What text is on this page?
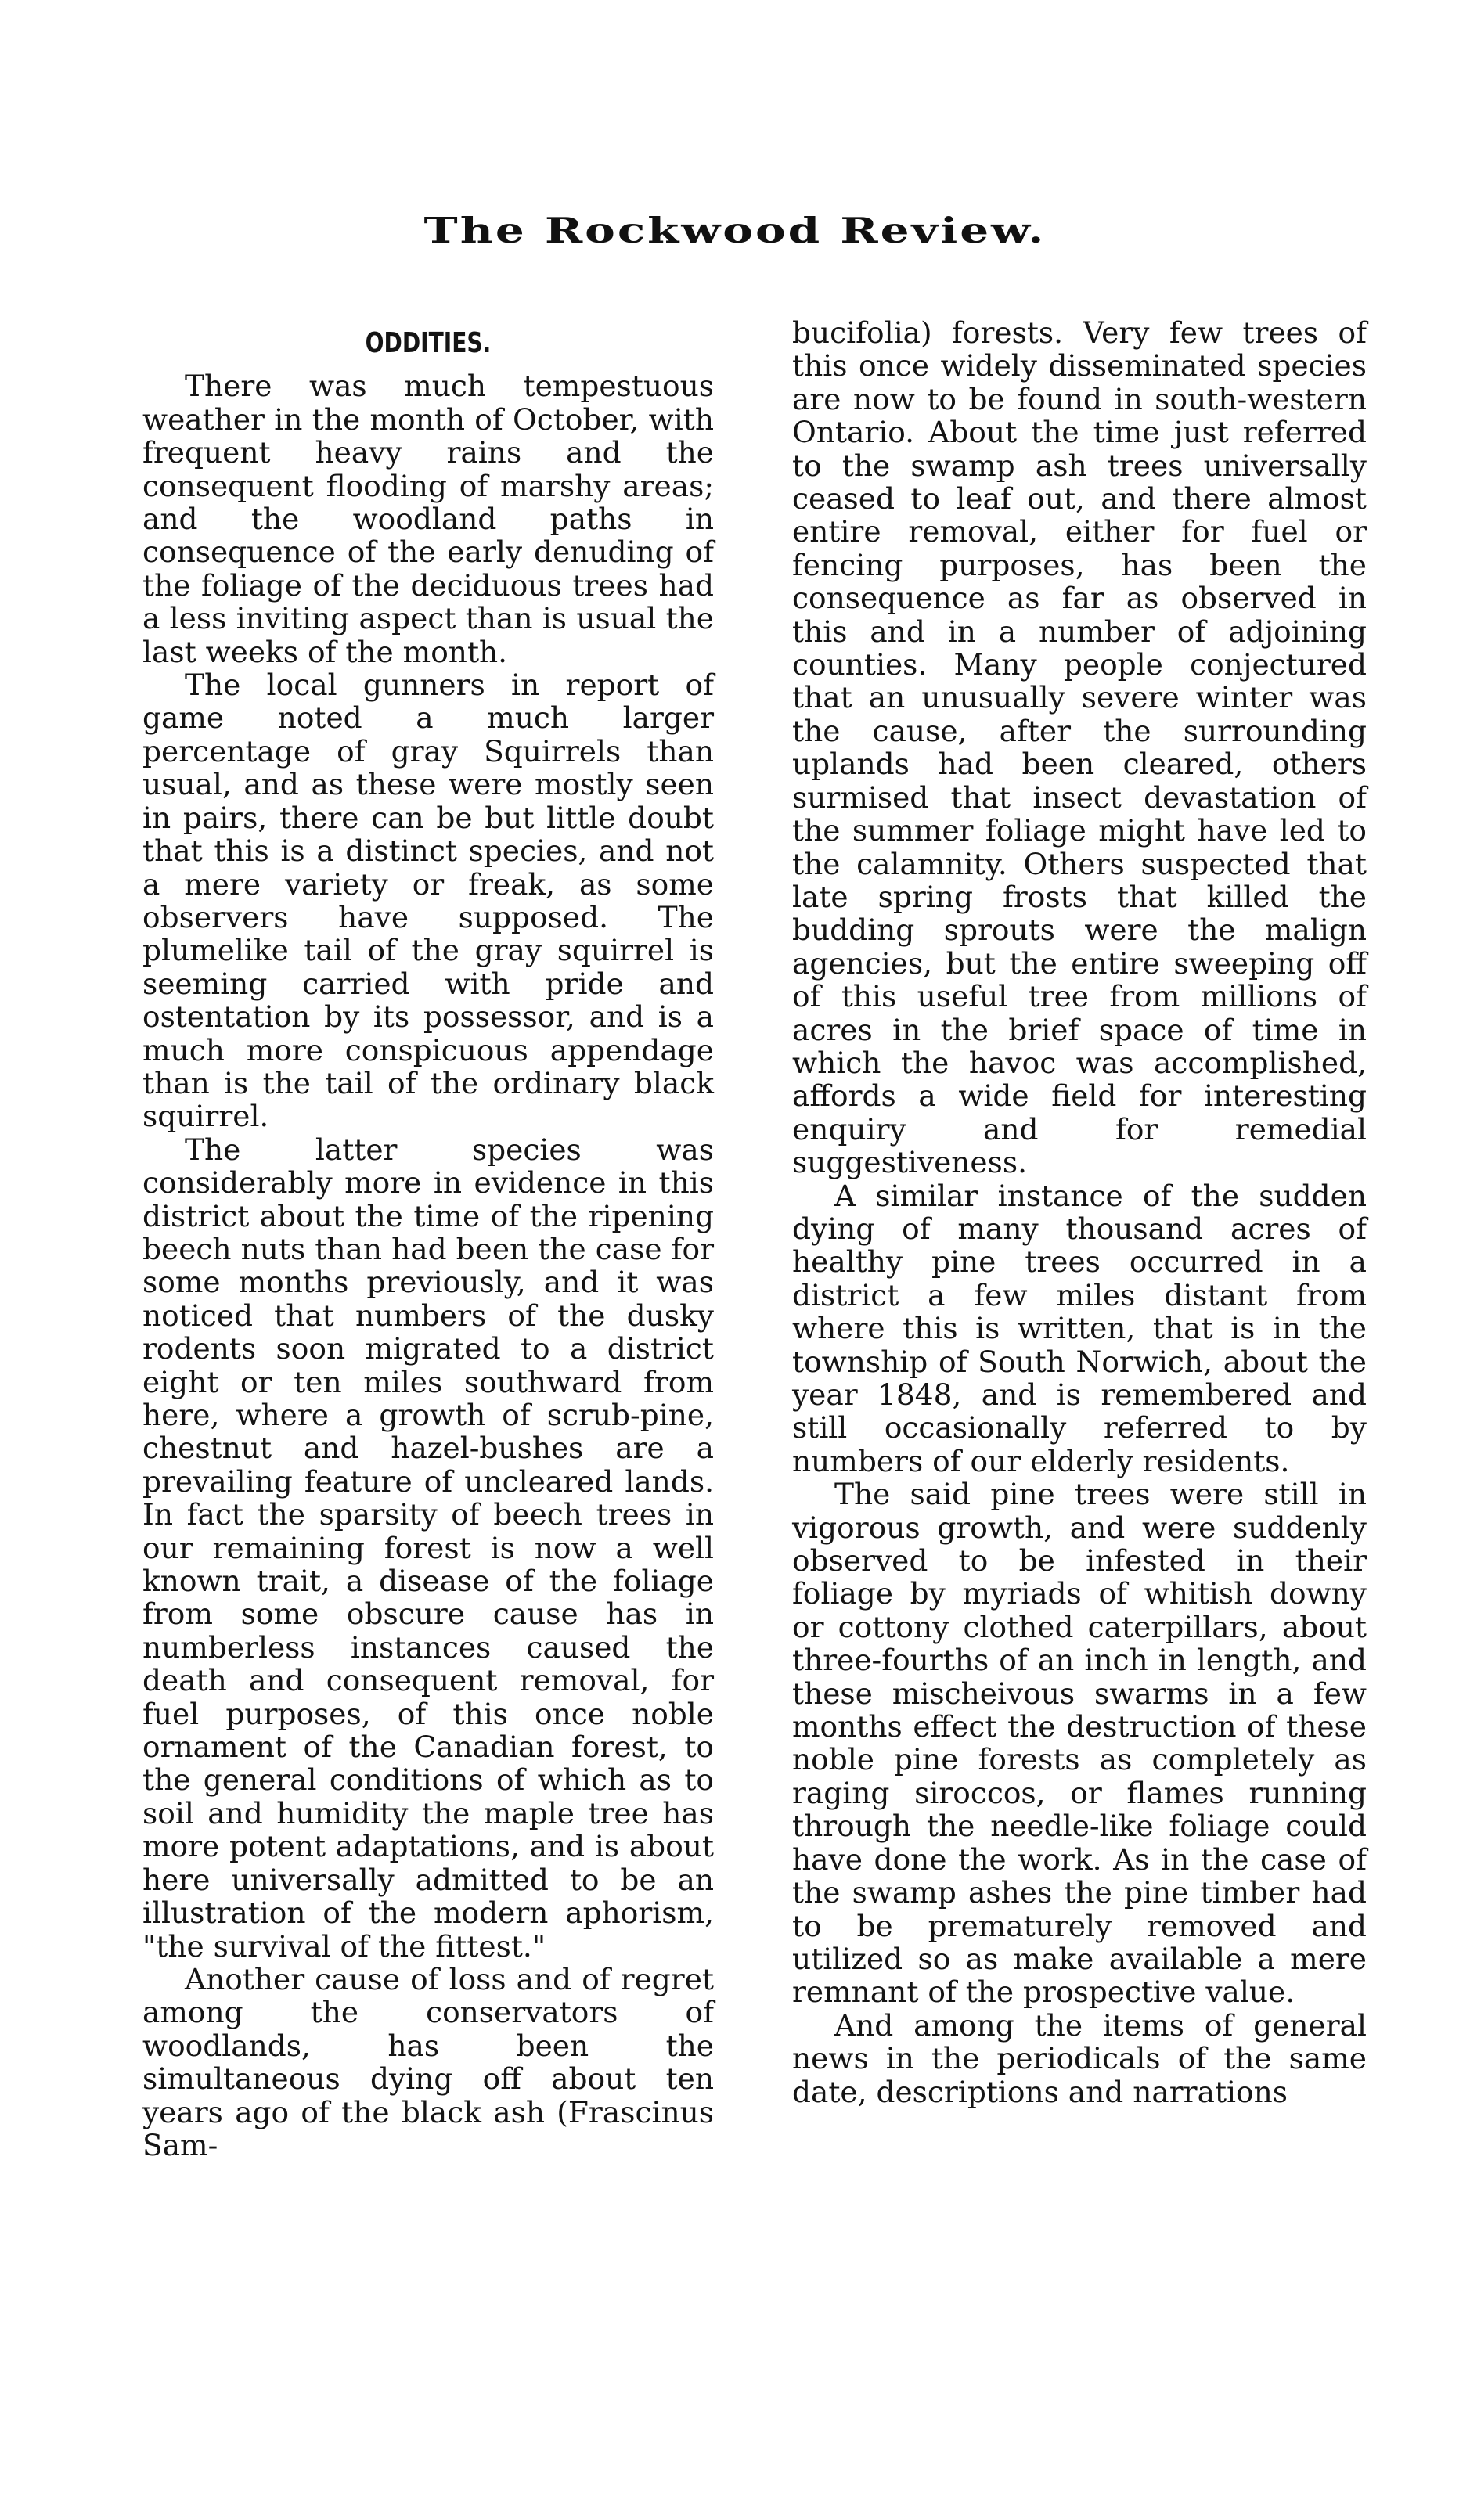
The Rockwood Review.
ODDITIES.

There was much tempestuous weather in the month of October, with frequent heavy rains and the consequent flooding of marshy areas; and the woodland paths in consequence of the early denuding of the foliage of the deciduous trees had a less inviting aspect than is usual the last weeks of the month.

The local gunners in report of game noted a much larger percentage of gray Squirrels than usual, and as these were mostly seen in pairs, there can be but little doubt that this is a distinct species, and not a mere variety or freak, as some observers have supposed. The plumelike tail of the gray squirrel is seeming carried with pride and ostentation by its possessor, and is a much more conspicuous appendage than is the tail of the ordinary black squirrel.

The latter species was considerably more in evidence in this district about the time of the ripening beech nuts than had been the case for some months previously, and it was noticed that numbers of the dusky rodents soon migrated to a district eight or ten miles southward from here, where a growth of scrub-pine, chestnut and hazel-bushes are a prevailing feature of uncleared lands. In fact the sparsity of beech trees in our remaining forest is now a well known trait, a disease of the foliage from some obscure cause has in numberless instances caused the death and consequent removal, for fuel purposes, of this once noble ornament of the Canadian forest, to the general conditions of which as to soil and humidity the maple tree has more potent adaptations, and is about here universally admitted to be an illustration of the modern aphorism, "the survival of the fittest."

Another cause of loss and of regret among the conservators of woodlands, has been the simultaneous dying off about ten years ago of the black ash (Frascinus Sam-

bucifolia) forests. Very few trees of this once widely disseminated species are now to be found in south-western Ontario. About the time just referred to the swamp ash trees universally ceased to leaf out, and there almost entire removal, either for fuel or fencing purposes, has been the consequence as far as observed in this and in a number of adjoining counties. Many people conjectured that an unusually severe winter was the cause, after the surrounding uplands had been cleared, others surmised that insect devastation of the summer foliage might have led to the calamnity. Others suspected that late spring frosts that killed the budding sprouts were the malign agencies, but the entire sweeping off of this useful tree from millions of acres in the brief space of time in which the havoc was accomplished, affords a wide field for interesting enquiry and for remedial suggestiveness.

A similar instance of the sudden dying of many thousand acres of healthy pine trees occurred in a district a few miles distant from where this is written, that is in the township of South Norwich, about the year 1848, and is remembered and still occasionally referred to by numbers of our elderly residents.

The said pine trees were still in vigorous growth, and were suddenly observed to be infested in their foliage by myriads of whitish downy or cottony clothed caterpillars, about three-fourths of an inch in length, and these mischeivous swarms in a few months effect the destruction of these noble pine forests as completely as raging siroccos, or flames running through the needle-like foliage could have done the work. As in the case of the swamp ashes the pine timber had to be prematurely removed and utilized so as make available a mere remnant of the prospective value.

And among the items of general news in the periodicals of the same date, descriptions and narrations
